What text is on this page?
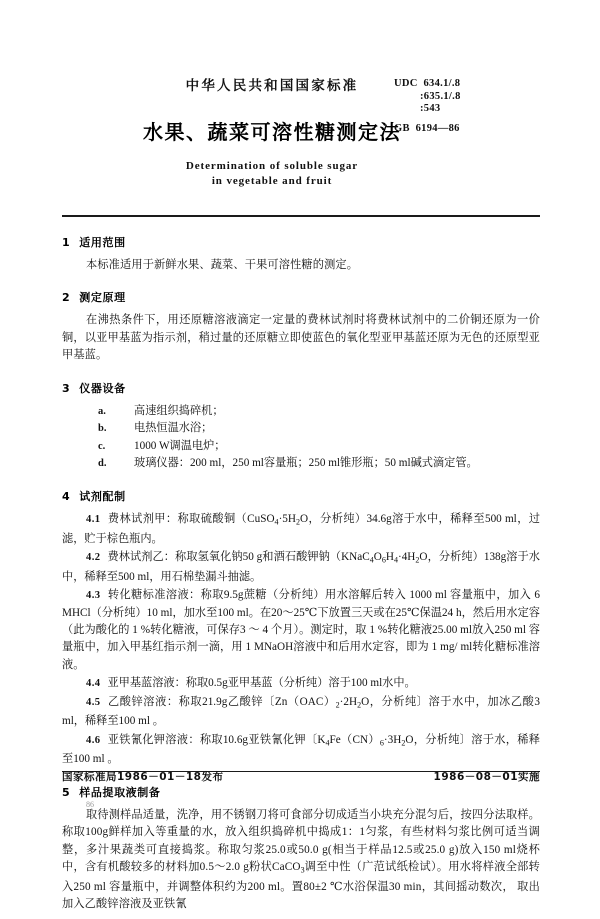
中华人民共和国国家标准
水果、蔬菜可溶性糖测定法
Determination of soluble sugar
in vegetable and fruit
UDC  634.1/.8
:635.1/.8
:543
GB  6194—86
1 适用范围

本标准适用于新鲜水果、蔬菜、干果可溶性糖的测定。

2 测定原理

在沸热条件下，用还原糖溶液滴定一定量的费林试剂时将费林试剂中的二价铜还原为一价铜，以亚甲基蓝为指示剂，稍过量的还原糖立即使蓝色的氧化型亚甲基蓝还原为无色的还原型亚甲基蓝。

3 仪器设备
a.	高速组织捣碎机；
b. 电热恒温水浴；
c.	1000 W调温电炉；
d. 玻璃仪器：200 ml，250 ml容量瓶；250 ml锥形瓶；50 ml碱式滴定管。
4 试剂配制

4.1 费林试剂甲：称取硫酸铜（$CuSO_4\cdot 5H_2O$，分析纯）34.6g溶于水中，稀释至500 ml，过滤，贮于棕色瓶内。

4.2 费林试剂乙：称取氢氧化钠50 g和酒石酸钾钠（$KNaC_4O_6H_4\cdot 4H_2O$，分析纯）138g溶于水中，稀释至500 ml，用石棉垫漏斗抽滤。

4.3 转化糖标准溶液：称取9.5g蔗糖（分析纯）用水溶解后转入 1000 ml 容量瓶中，加入 6 MHCl（分析纯）10 ml，加水至100 ml。在20～25℃下放置三天或在25℃保温24 h，然后用水定容（此为酸化的 1 %转化糖液，可保存3 ～ 4 个月）。测定时，取 1 %转化糖液25.00 ml放入250 ml 容量瓶中，加入甲基红指示剂一滴，用 1 MNaOH溶液中和后用水定容，即为 1 mg/ ml转化糖标准溶液。

4.4 亚甲基蓝溶液：称取0.5g亚甲基蓝（分析纯）溶于100 ml水中。

4.5 乙酸锌溶液：称取21.9g乙酸锌〔$Zn(OAC)_2\cdot 2H_2O$，分析纯〕溶于水中，加冰乙酸3 ml，稀释至100 ml 。

4.6 亚铁氰化钾溶液：称取10.6g亚铁氰化钾〔$K_4Fe(CN)_6\cdot 3H_2O$，分析纯〕溶于水，稀释至100 ml 。

5 样品提取液制备

取待测样品适量，洗净，用不锈钢刀将可食部分切成适当小块充分混匀后，按四分法取样。称取100g鲜样加入等重量的水，放入组织捣碎机中捣成1：1匀浆，有些材料匀浆比例可适当调整，多汁果蔬类可直接捣浆。称取匀浆25.0或50.0 g(相当于样品12.5或25.0 g)放入150 ml烧杯中，含有机酸较多的材料加0.5～2.0 g粉状CaCO$_3$调至中性（广范试纸检试）。用水将样液全部转入250 ml 容量瓶中，并调整体积约为200 ml。置80±2 ℃水浴保温30 min，其间摇动数次， 取出加入乙酸锌溶液及亚铁氰

国家标准局1986－01－18发布	1986－08－01实施
86
